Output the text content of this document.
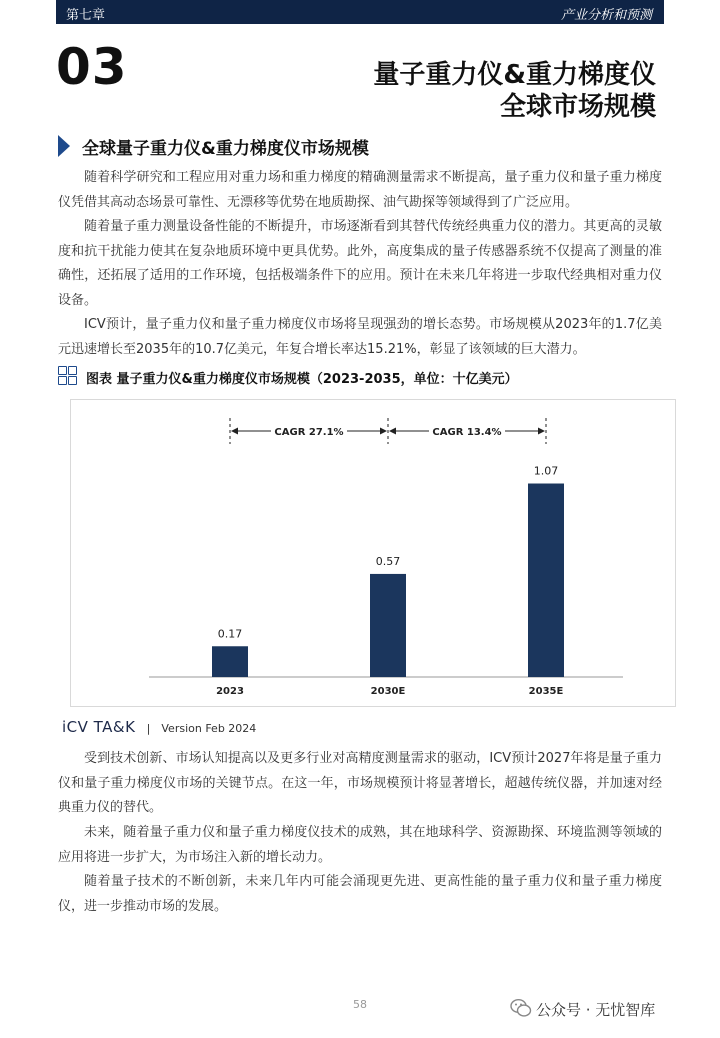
第七章	产业分析和预测
03	量子重力仪&重力梯度仪
全球市场规模
全球量子重力仪&重力梯度仪市场规模

随着科学研究和工程应用对重力场和重力梯度的精确测量需求不断提高，量子重力仪和量子重力梯度仪凭借其高动态场景可靠性、无漂移等优势在地质勘探、油气勘探等领域得到了广泛应用。

随着量子重力测量设备性能的不断提升，市场逐渐看到其替代传统经典重力仪的潜力。其更高的灵敏度和抗干扰能力使其在复杂地质环境中更具优势。此外，高度集成的量子传感器系统不仅提高了测量的准确性，还拓展了适用的工作环境，包括极端条件下的应用。预计在未来几年将进一步取代经典相对重力仪设备。

ICV预计，量子重力仪和量子重力梯度仪市场将呈现强劲的增长态势。市场规模从2023年的1.7亿美元迅速增长至2035年的10.7亿美元，年复合增长率达15.21%，彰显了该领域的巨大潜力。

图表 量子重力仪&重力梯度仪市场规模（2023-2035，单位：十亿美元）
0.17
2023
0.57
2030E
1.07
2035E
CAGR 27.1%	CAGR 13.4%
iCV TA&K | Version Feb 2024

受到技术创新、市场认知提高以及更多行业对高精度测量需求的驱动，ICV预计2027年将是量子重力仪和量子重力梯度仪市场的关键节点。在这一年，市场规模预计将显著增长，超越传统仪器，并加速对经典重力仪的替代。

未来，随着量子重力仪和量子重力梯度仪技术的成熟，其在地球科学、资源勘探、环境监测等领域的应用将进一步扩大，为市场注入新的增长动力。

随着量子技术的不断创新，未来几年内可能会涌现更先进、更高性能的量子重力仪和量子重力梯度仪，进一步推动市场的发展。

58	公众号 · 无忧智库
